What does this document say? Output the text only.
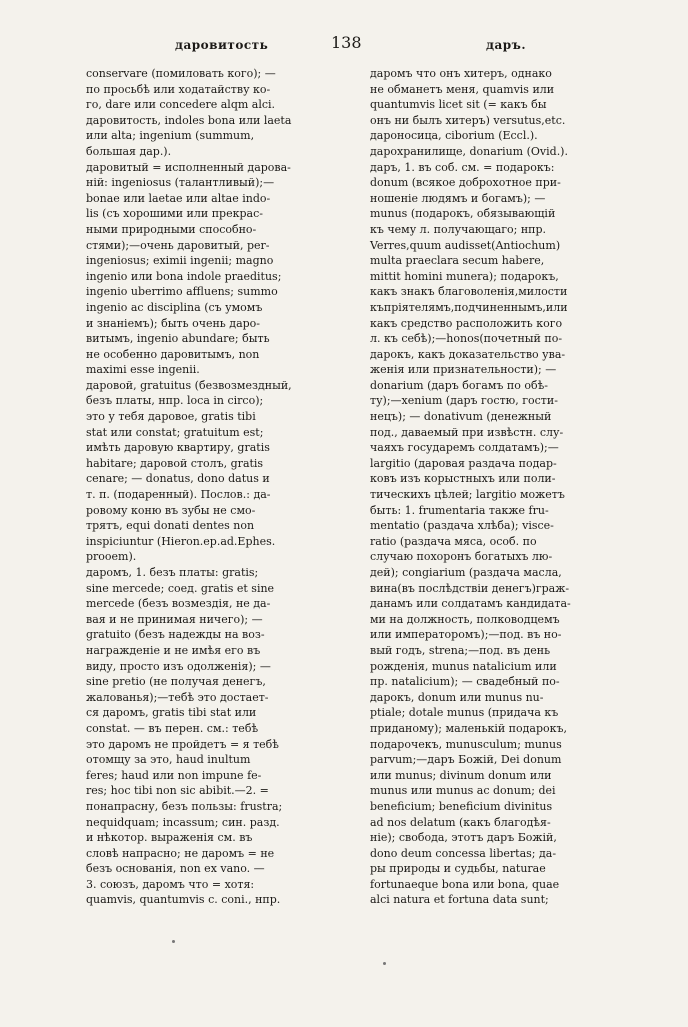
даровитость	138	даръ.
conservare (помиловать кого); —
по просьбѣ или ходатайству ко-
го, dare или concedere alqm alci.
даровитость, indoles bona или laeta
или alta; ingenium (summum,
большая дар.).
даровитый = исполненный дарова-
ній: ingeniosus (талантливый);—
bonae или laetae или altae indo-
lis (съ хорошими или прекрас-
ными природными способно-
стями);—очень даровитый, per-
ingeniosus; eximii ingenii; magno
ingenio или bona indole praeditus;
ingenio uberrimo affluens; summo
ingenio ac disciplina (съ умомъ
и знаніемъ); быть очень даро-
витымъ, ingenio abundare; быть
не особенно даровитымъ, non
maximi esse ingenii.
даровой, gratuitus (безвозмездный,
безъ платы, нпр. loca in circo);
это у тебя даровое, gratis tibi
stat или constat; gratuitum est;
имѣть даровую квартиру, gratis
habitare; даровой столъ, gratis
cenare; — donatus, dono datus и
т. п. (подаренный). Послов.: да-
ровому коню въ зубы не смо-
трятъ, equi donati dentes non
inspiciuntur (Hieron.ep.ad.Ephes.
prooem).
даромъ, 1. безъ платы: gratis;
sine mercede; соед. gratis et sine
mercede (безъ возмездія, не да-
вая и не принимая ничего); —
gratuito (безъ надежды на воз-
награжденіе и не имѣя его въ
виду, просто изъ одолженія); —
sine pretio (не получая денегъ,
жалованья);—тебѣ это достает-
ся даромъ, gratis tibi stat или
constat. — въ перен. см.: тебѣ
это даромъ не пройдетъ = я тебѣ
отомщу за это, haud inultum
feres; haud или non impune fe-
res; hoc tibi non sic abibit.—2. =
понапрасну, безъ пользы: frustra;
nequidquam; incassum; син. разд.
и нѣкотор. выраженія см. въ
словѣ напрасно; не даромъ = не
безъ основанія, non ex vano. —
3. союзъ, даромъ что = хотя:
quamvis, quantumvis c. coni., нпр.
даромъ что онъ хитеръ, однако
не обманетъ меня, quamvis или
quantumvis licet sit (= какъ бы
онъ ни былъ хитеръ) versutus,etc.
дароносица, ciborium (Eccl.).
дарохранилище, donarium (Ovid.).
даръ, 1. въ соб. см. = подарокъ:
donum (всякое доброхотное при-
ношеніе людямъ и богамъ); —
munus (подарокъ, обязывающій
къ чему л. получающаго; нпр.
Verres,quum audisset(Antiochum)
multa praeclara secum habere,
mittit homini munera); подарокъ,
какъ знакъ благоволенія,милости
къпріятелямъ,подчиненнымъ,или
какъ средство расположить кого
л. къ себѣ);—honos(почетный по-
дарокъ, какъ доказательство ува-
женія или признательности); —
donarium (даръ богамъ по обѣ-
ту);—xenium (даръ гостю, гости-
нецъ); — donativum (денежный
под., даваемый при извѣстн. слу-
чаяхъ государемъ солдатамъ);—
largitio (даровая раздача подар-
ковъ изъ корыстныхъ или поли-
тическихъ цѣлей; largitio можетъ
быть: 1. frumentaria также fru-
mentatio (раздача хлѣба); visce-
ratio (раздача мяса, особ. по
случаю похоронъ богатыхъ лю-
дей); congiarium (раздача масла,
вина(въ послѣдствіи денегъ)граж-
данамъ или солдатамъ кандидата-
ми на должность, полководцемъ
или императоромъ);—под. въ но-
вый годъ, strena;—под. въ день
рожденія, munus natalicium или
пр. natalicium); — свадебный по-
дарокъ, donum или munus nu-
ptiale; dotale munus (придача къ
приданому); маленькій подарокъ,
подарочекъ, munusculum; munus
parvum;—даръ Божій, Dei donum
или munus; divinum donum или
munus или munus ac donum; dei
beneficium; beneficium divinitus
ad nos delatum (какъ благодѣя-
ніе); свобода, этотъ даръ Божій,
dono deum concessa libertas; да-
ры природы и судьбы, naturae
fortunaeque bona или bona, quae
alci natura et fortuna data sunt;
